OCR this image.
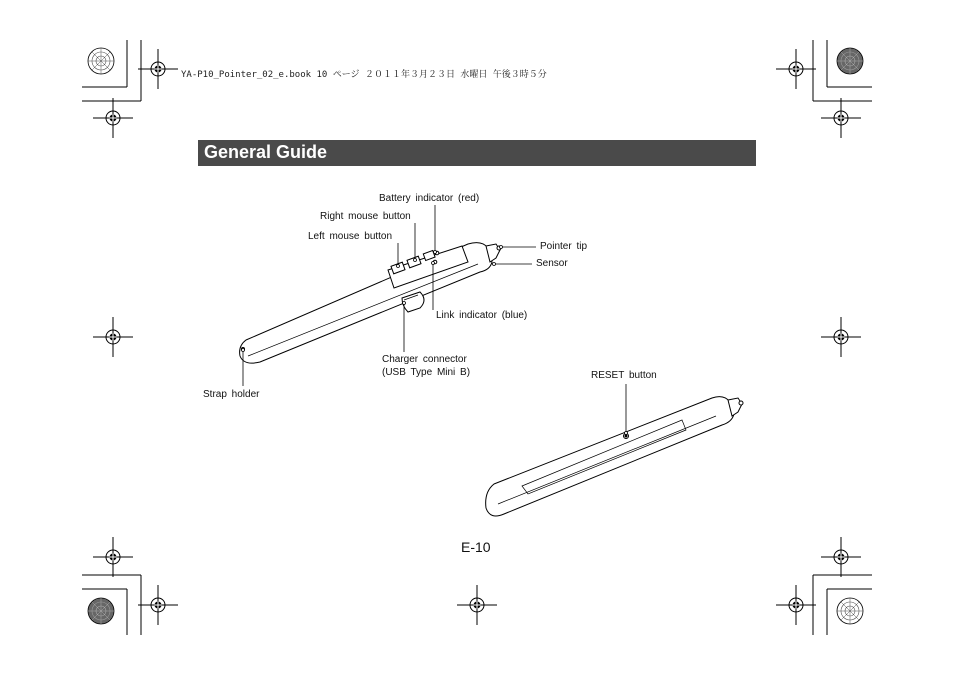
YA-P10_Pointer_02_e.book 10 ページ ２０１１年３月２３日 水曜日 午後３時５分
General Guide
Battery indicator (red)
Right mouse button
Left mouse button
Pointer tip
Sensor
Link indicator (blue)
Charger connector
(USB Type Mini B)
Strap holder
RESET button
E-10
